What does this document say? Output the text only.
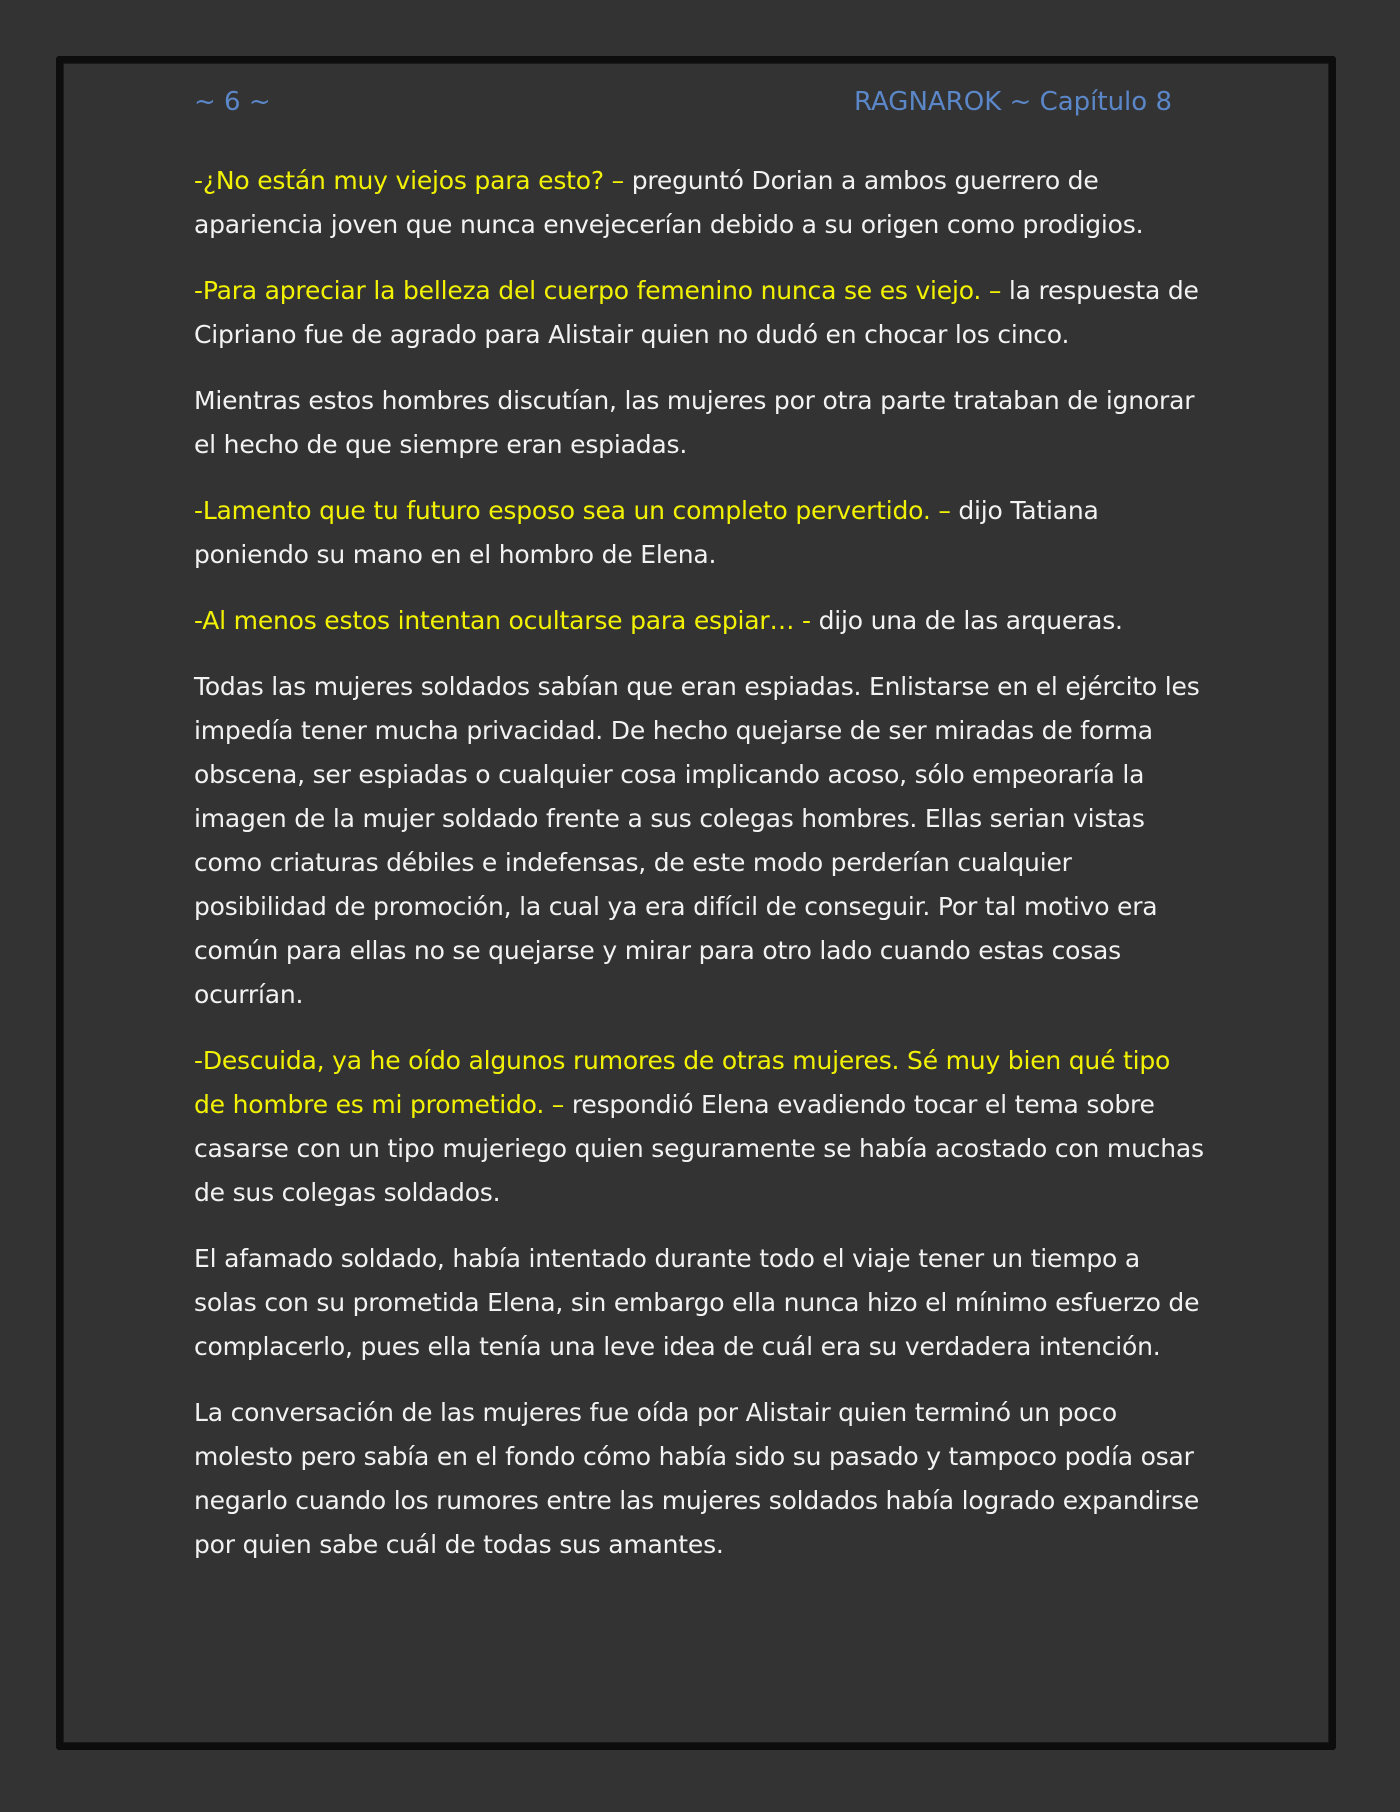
~ 6 ~	RAGNAROK ~ Capítulo 8

-¿No están muy viejos para esto? – preguntó Dorian a ambos guerrero de apariencia joven que nunca envejecerían debido a su origen como prodigios.

-Para apreciar la belleza del cuerpo femenino nunca se es viejo. – la respuesta de Cipriano fue de agrado para Alistair quien no dudó en chocar los cinco.

Mientras estos hombres discutían, las mujeres por otra parte trataban de ignorar el hecho de que siempre eran espiadas.

-Lamento que tu futuro esposo sea un completo pervertido. – dijo Tatiana poniendo su mano en el hombro de Elena.

-Al menos estos intentan ocultarse para espiar… - dijo una de las arqueras.

Todas las mujeres soldados sabían que eran espiadas. Enlistarse en el ejército les impedía tener mucha privacidad. De hecho quejarse de ser miradas de forma obscena, ser espiadas o cualquier cosa implicando acoso, sólo empeoraría la imagen de la mujer soldado frente a sus colegas hombres. Ellas serian vistas como criaturas débiles e indefensas, de este modo perderían cualquier posibilidad de promoción, la cual ya era difícil de conseguir. Por tal motivo era común para ellas no se quejarse y mirar para otro lado cuando estas cosas ocurrían.

-Descuida, ya he oído algunos rumores de otras mujeres. Sé muy bien qué tipo de hombre es mi prometido. – respondió Elena evadiendo tocar el tema sobre casarse con un tipo mujeriego quien seguramente se había acostado con muchas de sus colegas soldados.

El afamado soldado, había intentado durante todo el viaje tener un tiempo a solas con su prometida Elena, sin embargo ella nunca hizo el mínimo esfuerzo de complacerlo, pues ella tenía una leve idea de cuál era su verdadera intención.

La conversación de las mujeres fue oída por Alistair quien terminó un poco molesto pero sabía en el fondo cómo había sido su pasado y tampoco podía osar negarlo cuando los rumores entre las mujeres soldados había logrado expandirse por quien sabe cuál de todas sus amantes.
